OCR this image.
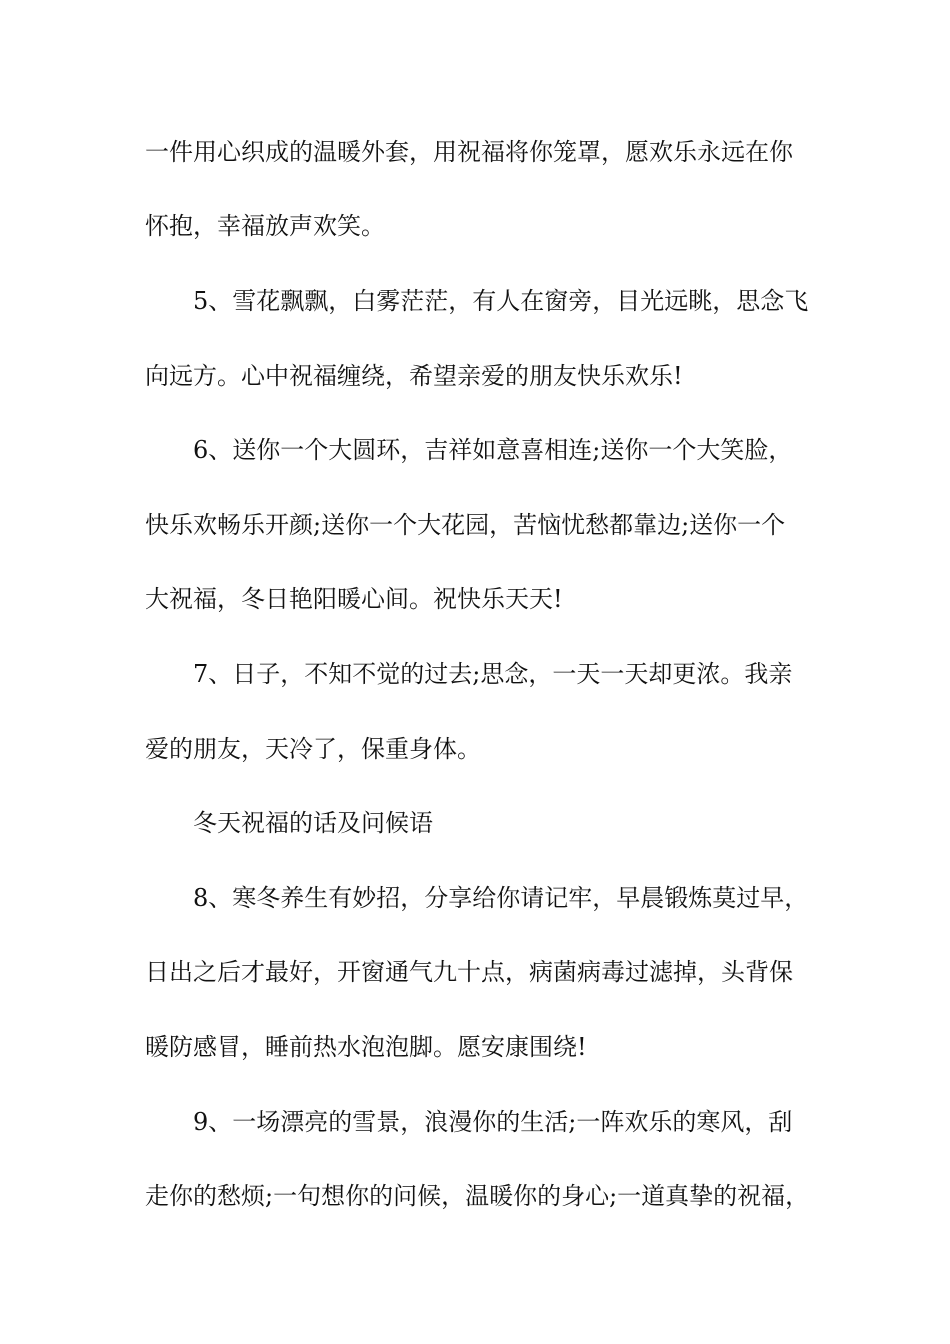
一件用心织成的温暖外套，用祝福将你笼罩，愿欢乐永远在你
怀抱，幸福放声欢笑。
5、雪花飘飘，白雾茫茫，有人在窗旁，目光远眺，思念飞
向远方。心中祝福缠绕，希望亲爱的朋友快乐欢乐!
6、送你一个大圆环，吉祥如意喜相连;送你一个大笑脸，
快乐欢畅乐开颜;送你一个大花园，苦恼忧愁都靠边;送你一个
大祝福，冬日艳阳暖心间。祝快乐天天!
7、日子，不知不觉的过去;思念，一天一天却更浓。我亲
爱的朋友，天冷了，保重身体。
冬天祝福的话及问候语
8、寒冬养生有妙招，分享给你请记牢，早晨锻炼莫过早，
日出之后才最好，开窗通气九十点，病菌病毒过滤掉，头背保
暖防感冒，睡前热水泡泡脚。愿安康围绕!
9、一场漂亮的雪景，浪漫你的生活;一阵欢乐的寒风，刮
走你的愁烦;一句想你的问候，温暖你的身心;一道真挚的祝福，
